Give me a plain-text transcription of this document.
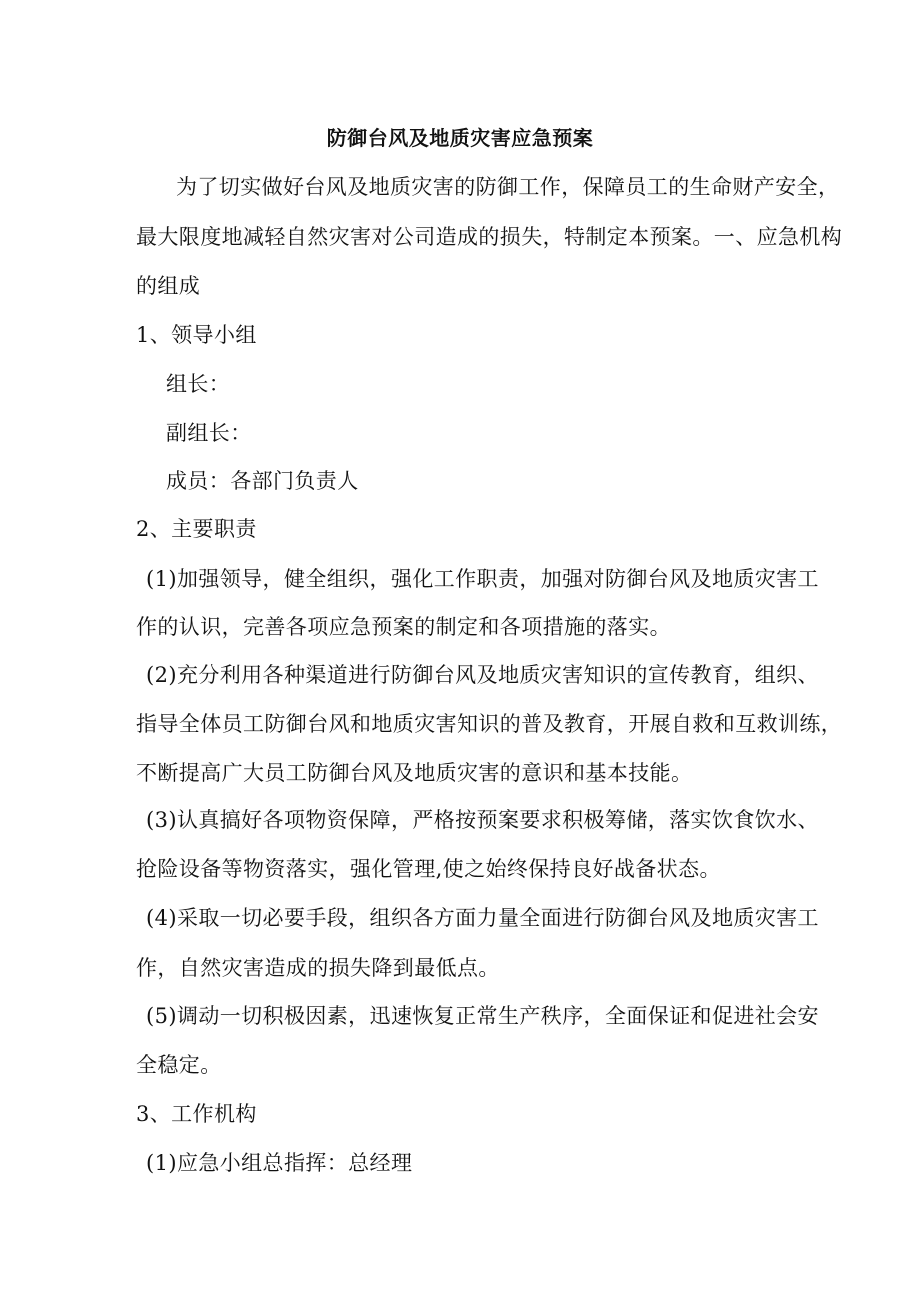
防御台风及地质灾害应急预案
为了切实做好台风及地质灾害的防御工作，保障员工的生命财产安全，
最大限度地减轻自然灾害对公司造成的损失，特制定本预案。一、应急机构
的组成
1、领导小组
组长：
副组长：
成员：各部门负责人
2、主要职责
(1)加强领导，健全组织，强化工作职责，加强对防御台风及地质灾害工
作的认识，完善各项应急预案的制定和各项措施的落实。
(2)充分利用各种渠道进行防御台风及地质灾害知识的宣传教育，组织、
指导全体员工防御台风和地质灾害知识的普及教育，开展自救和互救训练，
不断提高广大员工防御台风及地质灾害的意识和基本技能。
(3)认真搞好各项物资保障，严格按预案要求积极筹储，落实饮食饮水、
抢险设备等物资落实，强化管理,使之始终保持良好战备状态。
(4)采取一切必要手段，组织各方面力量全面进行防御台风及地质灾害工
作，自然灾害造成的损失降到最低点。
(5)调动一切积极因素，迅速恢复正常生产秩序，全面保证和促进社会安
全稳定。
3、工作机构
(1)应急小组总指挥：总经理
